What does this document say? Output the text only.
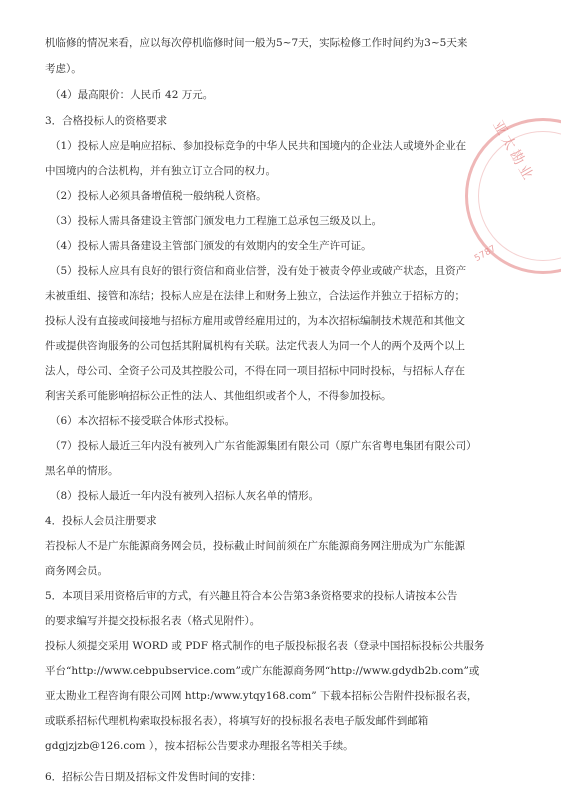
亚太勘业
5787

机临修的情况来看，应以每次停机临修时间一般为5~7天，实际检修工作时间约为3~5天来

考虑）。

（4）最高限价：人民币 42 万元。

3．合格投标人的资格要求

（1）投标人应是响应招标、参加投标竞争的中华人民共和国境内的企业法人或境外企业在

中国境内的合法机构，并有独立订立合同的权力。

（2）投标人必须具备增值税一般纳税人资格。

（3）投标人需具备建设主管部门颁发电力工程施工总承包三级及以上。

（4）投标人需具备建设主管部门颁发的有效期内的安全生产许可证。

（5）投标人应具有良好的银行资信和商业信誉，没有处于被责令停业或破产状态，且资产

未被重组、接管和冻结；投标人应是在法律上和财务上独立，合法运作并独立于招标方的；

投标人没有直接或间接地与招标方雇用或曾经雇用过的，为本次招标编制技术规范和其他文

件或提供咨询服务的公司包括其附属机构有关联。法定代表人为同一个人的两个及两个以上

法人，母公司、全资子公司及其控股公司，不得在同一项目招标中同时投标，与招标人存在

利害关系可能影响招标公正性的法人、其他组织或者个人，不得参加投标。

（6）本次招标不接受联合体形式投标。

（7）投标人最近三年内没有被列入广东省能源集团有限公司（原广东省粤电集团有限公司）

黑名单的情形。

（8）投标人最近一年内没有被列入招标人灰名单的情形。

4．投标人会员注册要求

若投标人不是广东能源商务网会员，投标截止时间前须在广东能源商务网注册成为广东能源

商务网会员。

5．本项目采用资格后审的方式，有兴趣且符合本公告第3条资格要求的投标人请按本公告

的要求编写并提交投标报名表（格式见附件）。

投标人须提交采用 WORD 或 PDF 格式制作的电子版投标报名表（登录中国招标投标公共服务

平台“http://www.cebpubservice.com”或广东能源商务网“http://www.gdydb2b.com”或

亚太勘业工程咨询有限公司网 http:/www.ytqy168.com” 下载本招标公告附件投标报名表，

或联系招标代理机构索取投标报名表），将填写好的投标报名表电子版发邮件到邮箱

gdgjzjzb@126.com ），按本招标公告要求办理报名等相关手续。

6．招标公告日期及招标文件发售时间的安排：
